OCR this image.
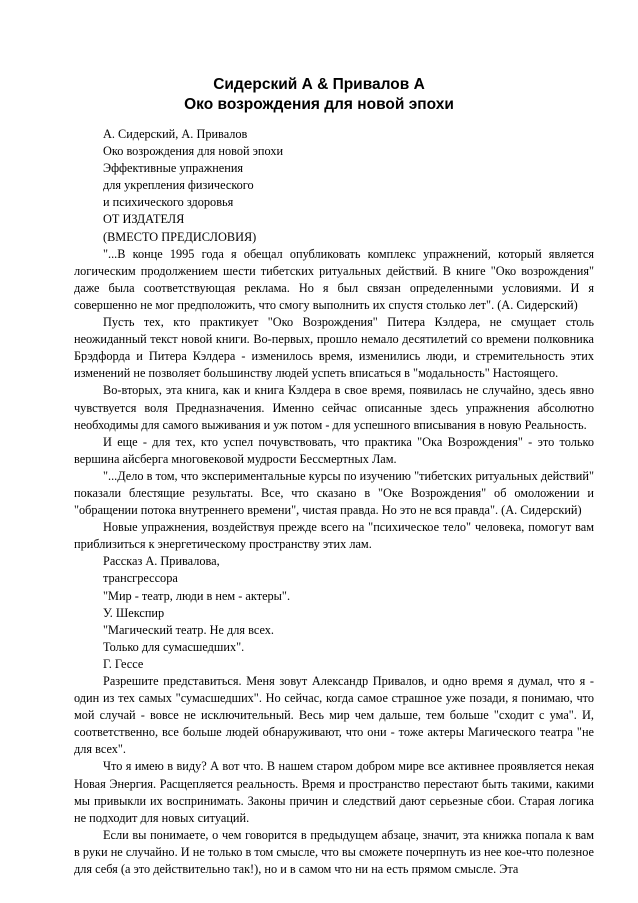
Сидерский А & Привалов А
Око возрождения для новой эпохи
А. Сидерский, А. Привалов
Око возрождения для новой эпохи
Эффективные упражнения
для укрепления физического
и психического здоровья
ОТ ИЗДАТЕЛЯ
(ВМЕСТО ПРЕДИСЛОВИЯ)

"...В конце 1995 года я обещал опубликовать комплекс упражнений, который является логическим продолжением шести тибетских ритуальных действий. В книге "Око возрождения" даже была соответствующая реклама. Но я был связан определенными условиями. И я совершенно не мог предположить, что смогу выполнить их спустя столько лет". (А. Сидерский)

Пусть тех, кто практикует "Око Возрождения" Питера Кэлдера, не смущает столь неожиданный текст новой книги. Во-первых, прошло немало десятилетий со времени полковника Брэдфорда и Питера Кэлдера - изменилось время, изменились люди, и стремительность этих изменений не позволяет большинству людей успеть вписаться в "модальность" Настоящего.

Во-вторых, эта книга, как и книга Кэлдера в свое время, появилась не случайно, здесь явно чувствуется воля Предназначения. Именно сейчас описанные здесь упражнения абсолютно необходимы для самого выживания и уж потом - для успешного вписывания в новую Реальность.

И еще - для тех, кто успел почувствовать, что практика "Ока Возрождения" - это только вершина айсберга многовековой мудрости Бессмертных Лам.

"...Дело в том, что экспериментальные курсы по изучению "тибетских ритуальных действий" показали блестящие результаты. Все, что сказано в "Оке Возрождения" об омоложении и "обращении потока внутреннего времени", чистая правда. Но это не вся правда". (А. Сидерский)

Новые упражнения, воздействуя прежде всего на "психическое тело" человека, помогут вам приблизиться к энергетическому пространству этих лам.

Рассказ А. Привалова,
трансгрессора
"Мир - театр, люди в нем - актеры".
У. Шекспир
"Магический театр. Не для всех.
Только для сумасшедших".
Г. Гессе

Разрешите представиться. Меня зовут Александр Привалов, и одно время я думал, что я - один из тех самых "сумасшедших". Но сейчас, когда самое страшное уже позади, я понимаю, что мой случай - вовсе не исключительный. Весь мир чем дальше, тем больше "сходит с ума". И, соответственно, все больше людей обнаруживают, что они - тоже актеры Магического театра "не для всех".

Что я имею в виду? А вот что. В нашем старом добром мире все активнее проявляется некая Новая Энергия. Расщепляется реальность. Время и пространство перестают быть такими, какими мы привыкли их воспринимать. Законы причин и следствий дают серьезные сбои. Старая логика не подходит для новых ситуаций.

Если вы понимаете, о чем говорится в предыдущем абзаце, значит, эта книжка попала к вам в руки не случайно. И не только в том смысле, что вы сможете почерпнуть из нее кое-что полезное для себя (а это действительно так!), но и в самом что ни на есть прямом смысле. Эта
